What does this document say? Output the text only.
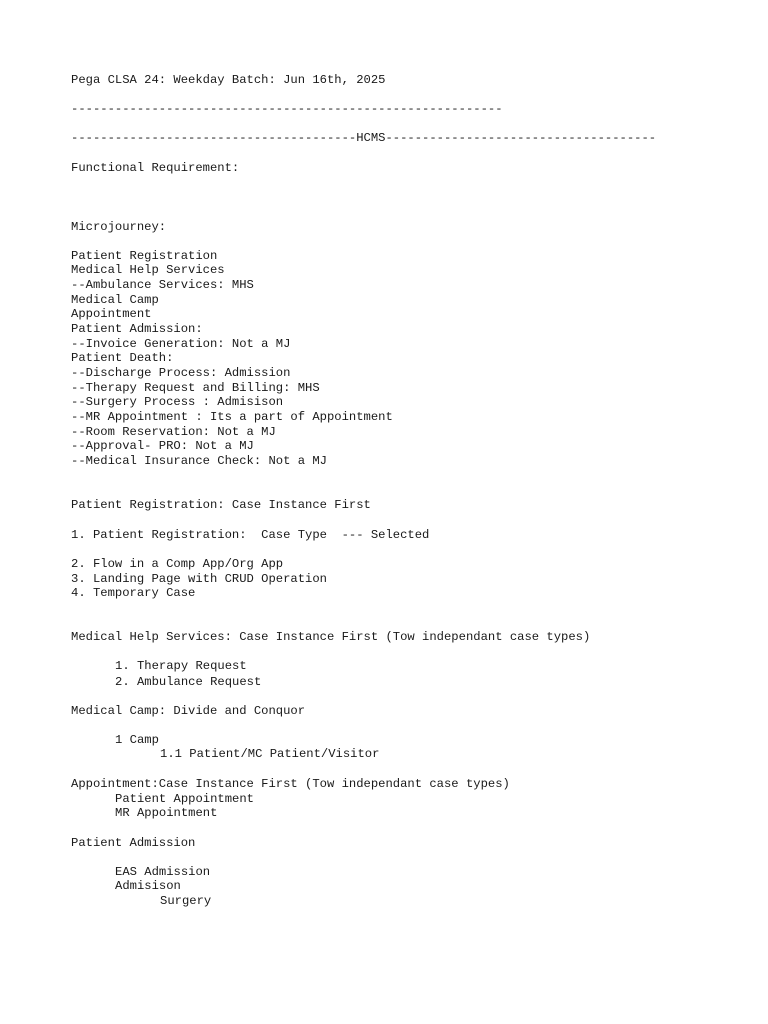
Pega CLSA 24: Weekday Batch: Jun 16th, 2025
-----------------------------------------------------------
---------------------------------------HCMS-------------------------------------
Functional Requirement:
Microjourney:
Patient Registration
Medical Help Services
--Ambulance Services: MHS
Medical Camp
Appointment
Patient Admission:
--Invoice Generation: Not a MJ
Patient Death:
--Discharge Process: Admission
--Therapy Request and Billing: MHS
--Surgery Process : Admisison
--MR Appointment : Its a part of Appointment
--Room Reservation: Not a MJ
--Approval- PRO: Not a MJ
--Medical Insurance Check: Not a MJ
Patient Registration: Case Instance First
1. Patient Registration:  Case Type  --- Selected
2. Flow in a Comp App/Org App
3. Landing Page with CRUD Operation
4. Temporary Case
Medical Help Services: Case Instance First (Tow independant case types)
1. Therapy Request
2. Ambulance Request
Medical Camp: Divide and Conquor
1 Camp
1.1 Patient/MC Patient/Visitor
Appointment:Case Instance First (Tow independant case types)
Patient Appointment
MR Appointment
Patient Admission
EAS Admission
Admisison
Surgery
